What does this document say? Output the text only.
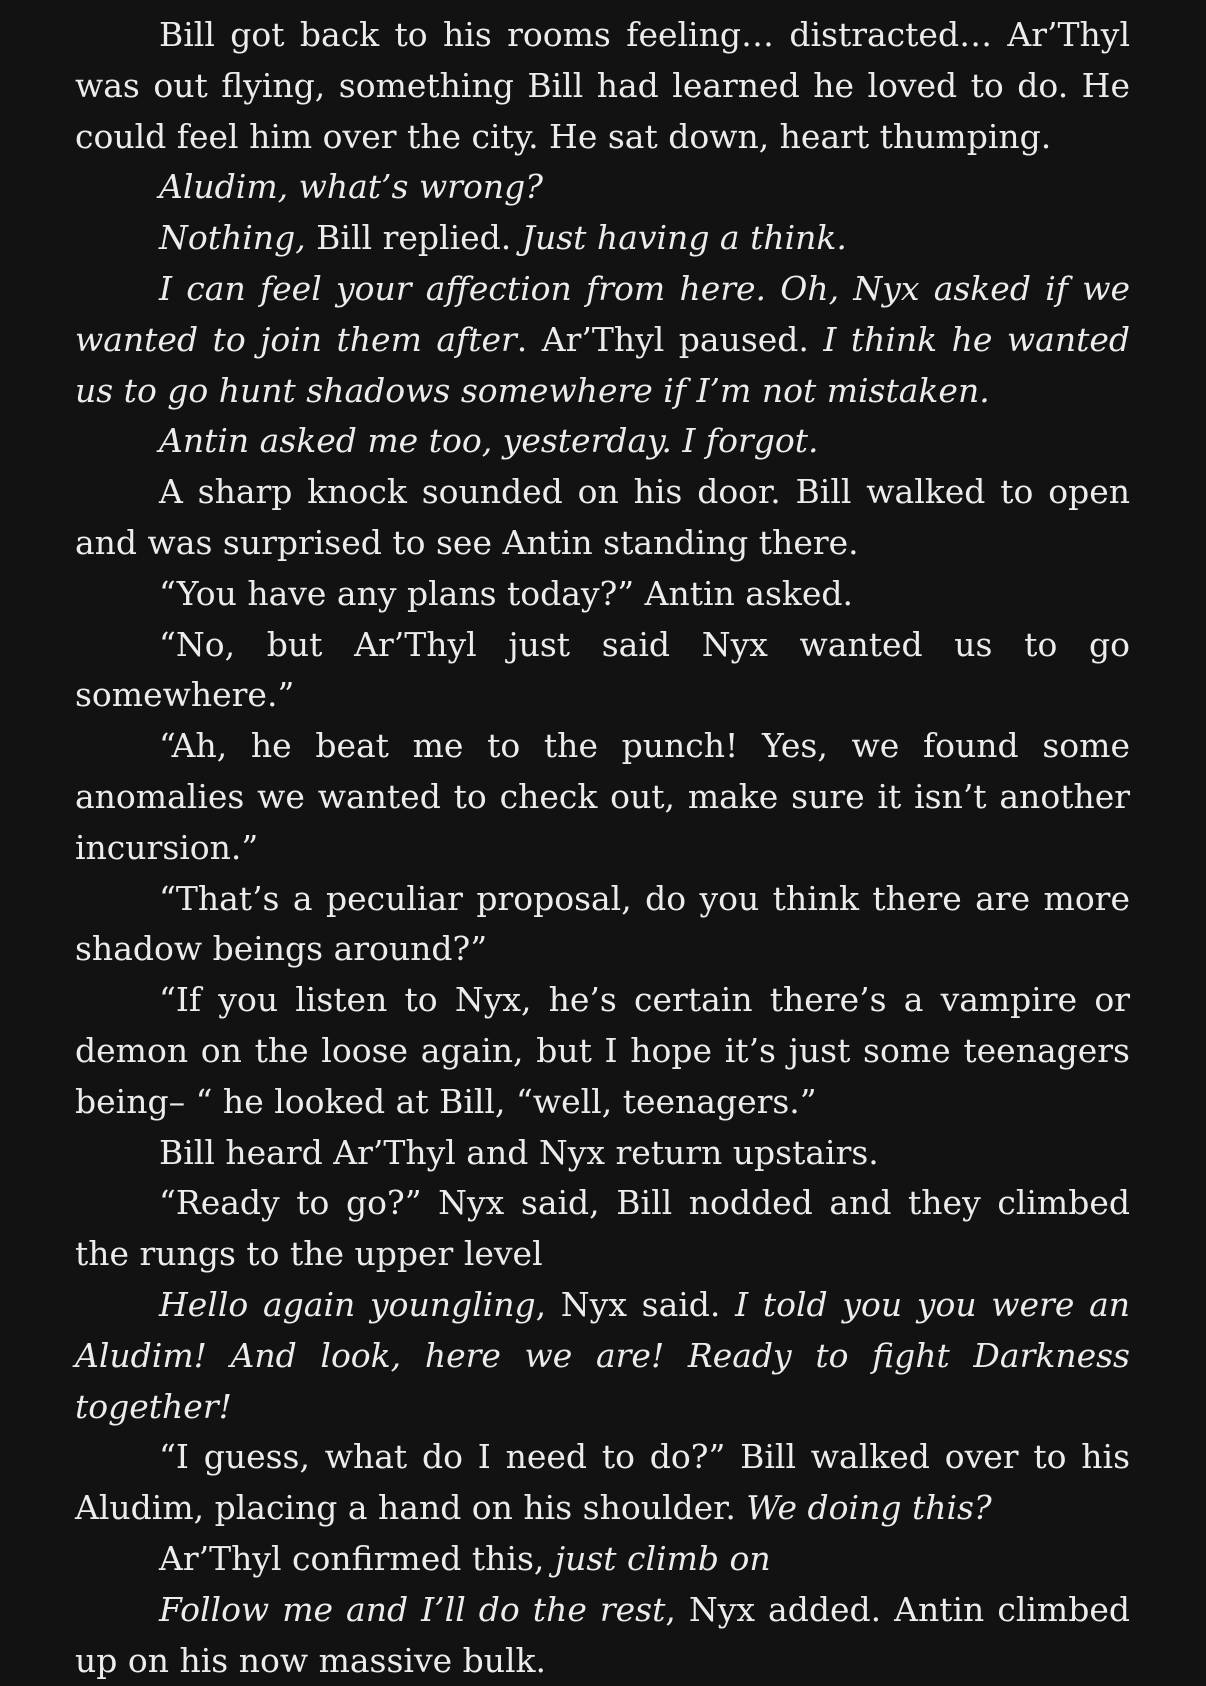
Bill got back to his rooms feeling… distracted… Ar’Thyl was out flying, something Bill had learned he loved to do. He could feel him over the city. He sat down, heart thumping.

Aludim, what’s wrong?

Nothing, Bill replied. Just having a think.

I can feel your affection from here. Oh, Nyx asked if we wanted to join them after. Ar’Thyl paused. I think he wanted us to go hunt shadows somewhere if I’m not mistaken.

Antin asked me too, yesterday. I forgot.

A sharp knock sounded on his door. Bill walked to open and was surprised to see Antin standing there.

“You have any plans today?” Antin asked.

“No, but Ar’Thyl just said Nyx wanted us to go somewhere.”

“Ah, he beat me to the punch! Yes, we found some anomalies we wanted to check out, make sure it isn’t another incursion.”

“That’s a peculiar proposal, do you think there are more shadow beings around?”

“If you listen to Nyx, he’s certain there’s a vampire or demon on the loose again, but I hope it’s just some teenagers being– “ he looked at Bill, “well, teenagers.”

Bill heard Ar’Thyl and Nyx return upstairs.

“Ready to go?” Nyx said, Bill nodded and they climbed the rungs to the upper level

Hello again youngling, Nyx said. I told you you were an Aludim! And look, here we are! Ready to fight Darkness together!

“I guess, what do I need to do?” Bill walked over to his Aludim, placing a hand on his shoulder. We doing this?

Ar’Thyl confirmed this, just climb on

Follow me and I’ll do the rest, Nyx added. Antin climbed up on his now massive bulk.
